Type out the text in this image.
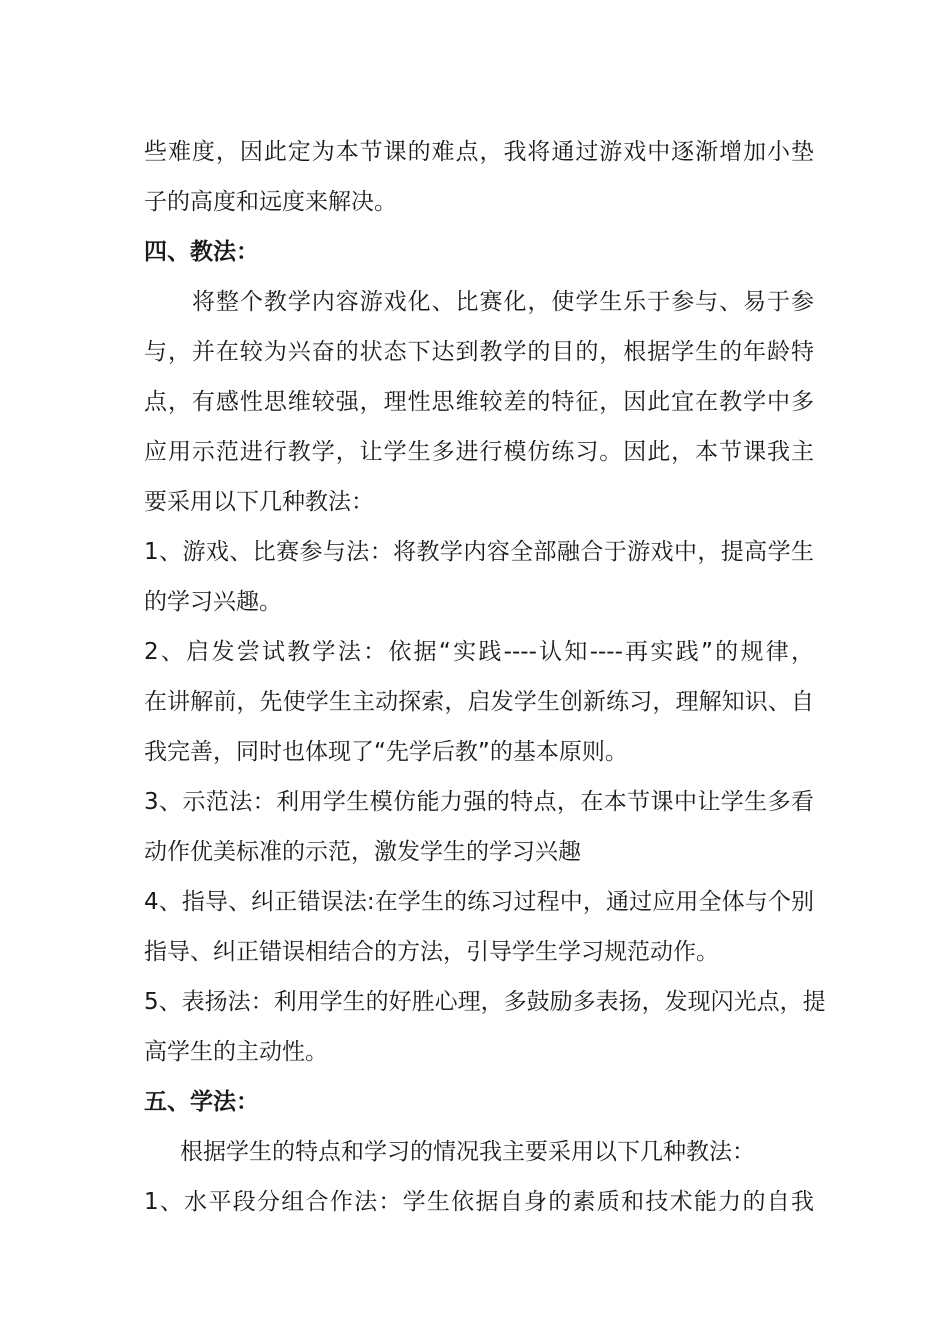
些难度，因此定为本节课的难点，我将通过游戏中逐渐增加小垫
子的高度和远度来解决。
四、教法：
将整个教学内容游戏化、比赛化，使学生乐于参与、易于参
与，并在较为兴奋的状态下达到教学的目的，根据学生的年龄特
点，有感性思维较强，理性思维较差的特征，因此宜在教学中多
应用示范进行教学，让学生多进行模仿练习。因此，本节课我主
要采用以下几种教法：
1、游戏、比赛参与法：将教学内容全部融合于游戏中，提高学生
的学习兴趣。
2、启发尝试教学法：依据“实践----认知----再实践”的规律，
在讲解前，先使学生主动探索，启发学生创新练习，理解知识、自
我完善，同时也体现了“先学后教”的基本原则。
3、示范法：利用学生模仿能力强的特点，在本节课中让学生多看
动作优美标准的示范，激发学生的学习兴趣
4、指导、纠正错误法:在学生的练习过程中，通过应用全体与个别
指导、纠正错误相结合的方法，引导学生学习规范动作。
5、表扬法：利用学生的好胜心理，多鼓励多表扬，发现闪光点，提
高学生的主动性。
五、学法：
根据学生的特点和学习的情况我主要采用以下几种教法：
1、水平段分组合作法：学生依据自身的素质和技术能力的自我
